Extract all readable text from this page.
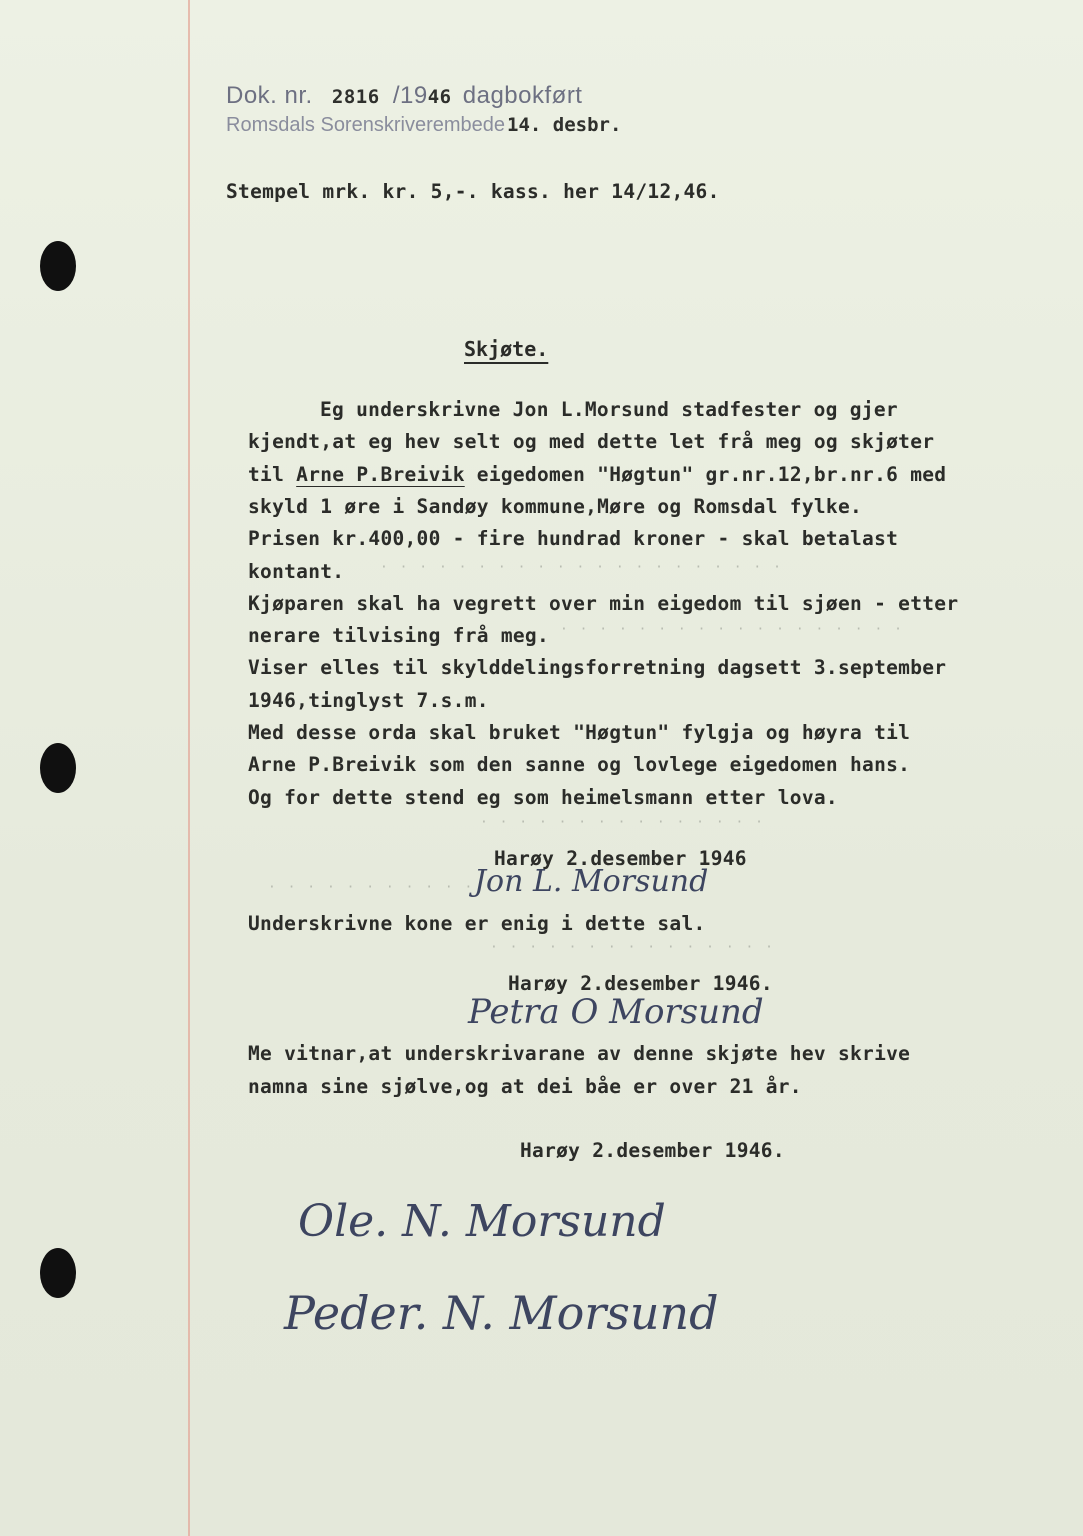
Dok. nr. 2816 /1946 dagbokført
Romsdals Sorenskriverembede 14. desbr.
Stempel mrk. kr. 5,-. kass. her 14/12,46.
Skjøte.
Eg underskrivne Jon L.Morsund stadfester og gjer
kjendt,at eg hev selt og med dette let frå meg og skjøter
til Arne P.Breivik eigedomen "Høgtun" gr.nr.12,br.nr.6 med
skyld 1 øre i Sandøy kommune,Møre og Romsdal fylke.
Prisen kr.400,00 - fire hundrad kroner - skal betalast
kontant.
Kjøparen skal ha vegrett over min eigedom til sjøen - etter
nerare tilvising frå meg.
Viser elles til skylddelingsforretning dagsett 3.september
1946,tinglyst 7.s.m.
Med desse orda skal bruket "Høgtun" fylgja og høyra til
Arne P.Breivik som den sanne og lovlege eigedomen hans.
Og for dette stend eg som heimelsmann etter lova.
· · · · · · · · · · · · · · · · · · · · ·
· · · · · · · · · · · · · · · · · ·
· · · · · · · · · · · · · · ·
· · · · · · · · · · · ·
· · · · · · · · · · · · · · ·
Harøy 2.desember 1946
Jon L. Morsund
Underskrivne kone er enig i dette sal.
Harøy 2.desember 1946.
Petra O Morsund
Me vitnar,at underskrivarane av denne skjøte hev skrive
namna sine sjølve,og at dei båe er over 21 år.
Harøy 2.desember 1946.
Ole. N. Morsund
Peder. N. Morsund
